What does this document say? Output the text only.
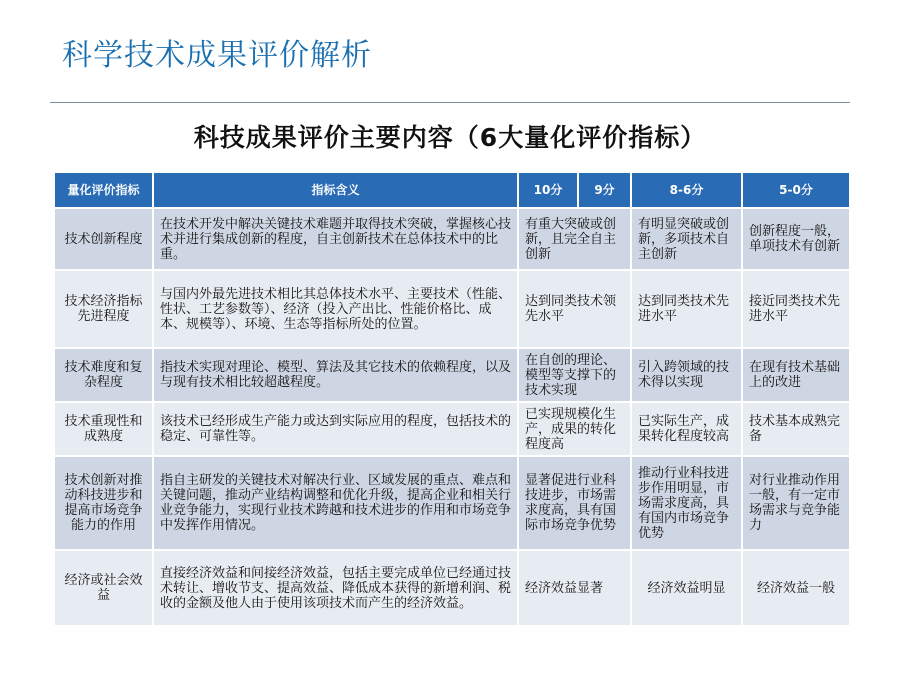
科学技术成果评价解析
科技成果评价主要内容（6大量化评价指标）
量化评价指标	指标含义	10分	9分	8-6分	5-0分
技术创新程度	在技术开发中解决关键技术难题并取得技术突破，掌握核心技术并进行集成创新的程度，自主创新技术在总体技术中的比重。	有重大突破或创新，且完全自主创新		有明显突破或创新，多项技术自主创新	创新程度一般，单项技术有创新
技术经济指标先进程度	与国内外最先进技术相比其总体技术水平、主要技术（性能、性状、工艺参数等）、经济（投入产出比、性能价格比、成本、规模等）、环境、生态等指标所处的位置。	达到同类技术领先水平		达到同类技术先进水平	接近同类技术先进水平
技术难度和复杂程度	指技术实现对理论、模型、算法及其它技术的依赖程度，以及与现有技术相比较超越程度。	在自创的理论、模型等支撑下的技术实现		引入跨领域的技术得以实现	在现有技术基础上的改进
技术重现性和成熟度	该技术已经形成生产能力或达到实际应用的程度，包括技术的稳定、可靠性等。	已实现规模化生产，成果的转化程度高		已实际生产，成果转化程度较高	技术基本成熟完备
技术创新对推动科技进步和提高市场竞争能力的作用	指自主研发的关键技术对解决行业、区域发展的重点、难点和关键问题，推动产业结构调整和优化升级，提高企业和相关行业竞争能力，实现行业技术跨越和技术进步的作用和市场竞争中发挥作用情况。	显著促进行业科技进步，市场需求度高，具有国际市场竞争优势		推动行业科技进步作用明显，市场需求度高，具有国内市场竞争优势	对行业推动作用一般，有一定市场需求与竞争能力
经济或社会效益	直接经济效益和间接经济效益，包括主要完成单位已经通过技术转让、增收节支、提高效益、降低成本获得的新增利润、税收的金额及他人由于使用该项技术而产生的经济效益。	经济效益显著		经济效益明显	经济效益一般
